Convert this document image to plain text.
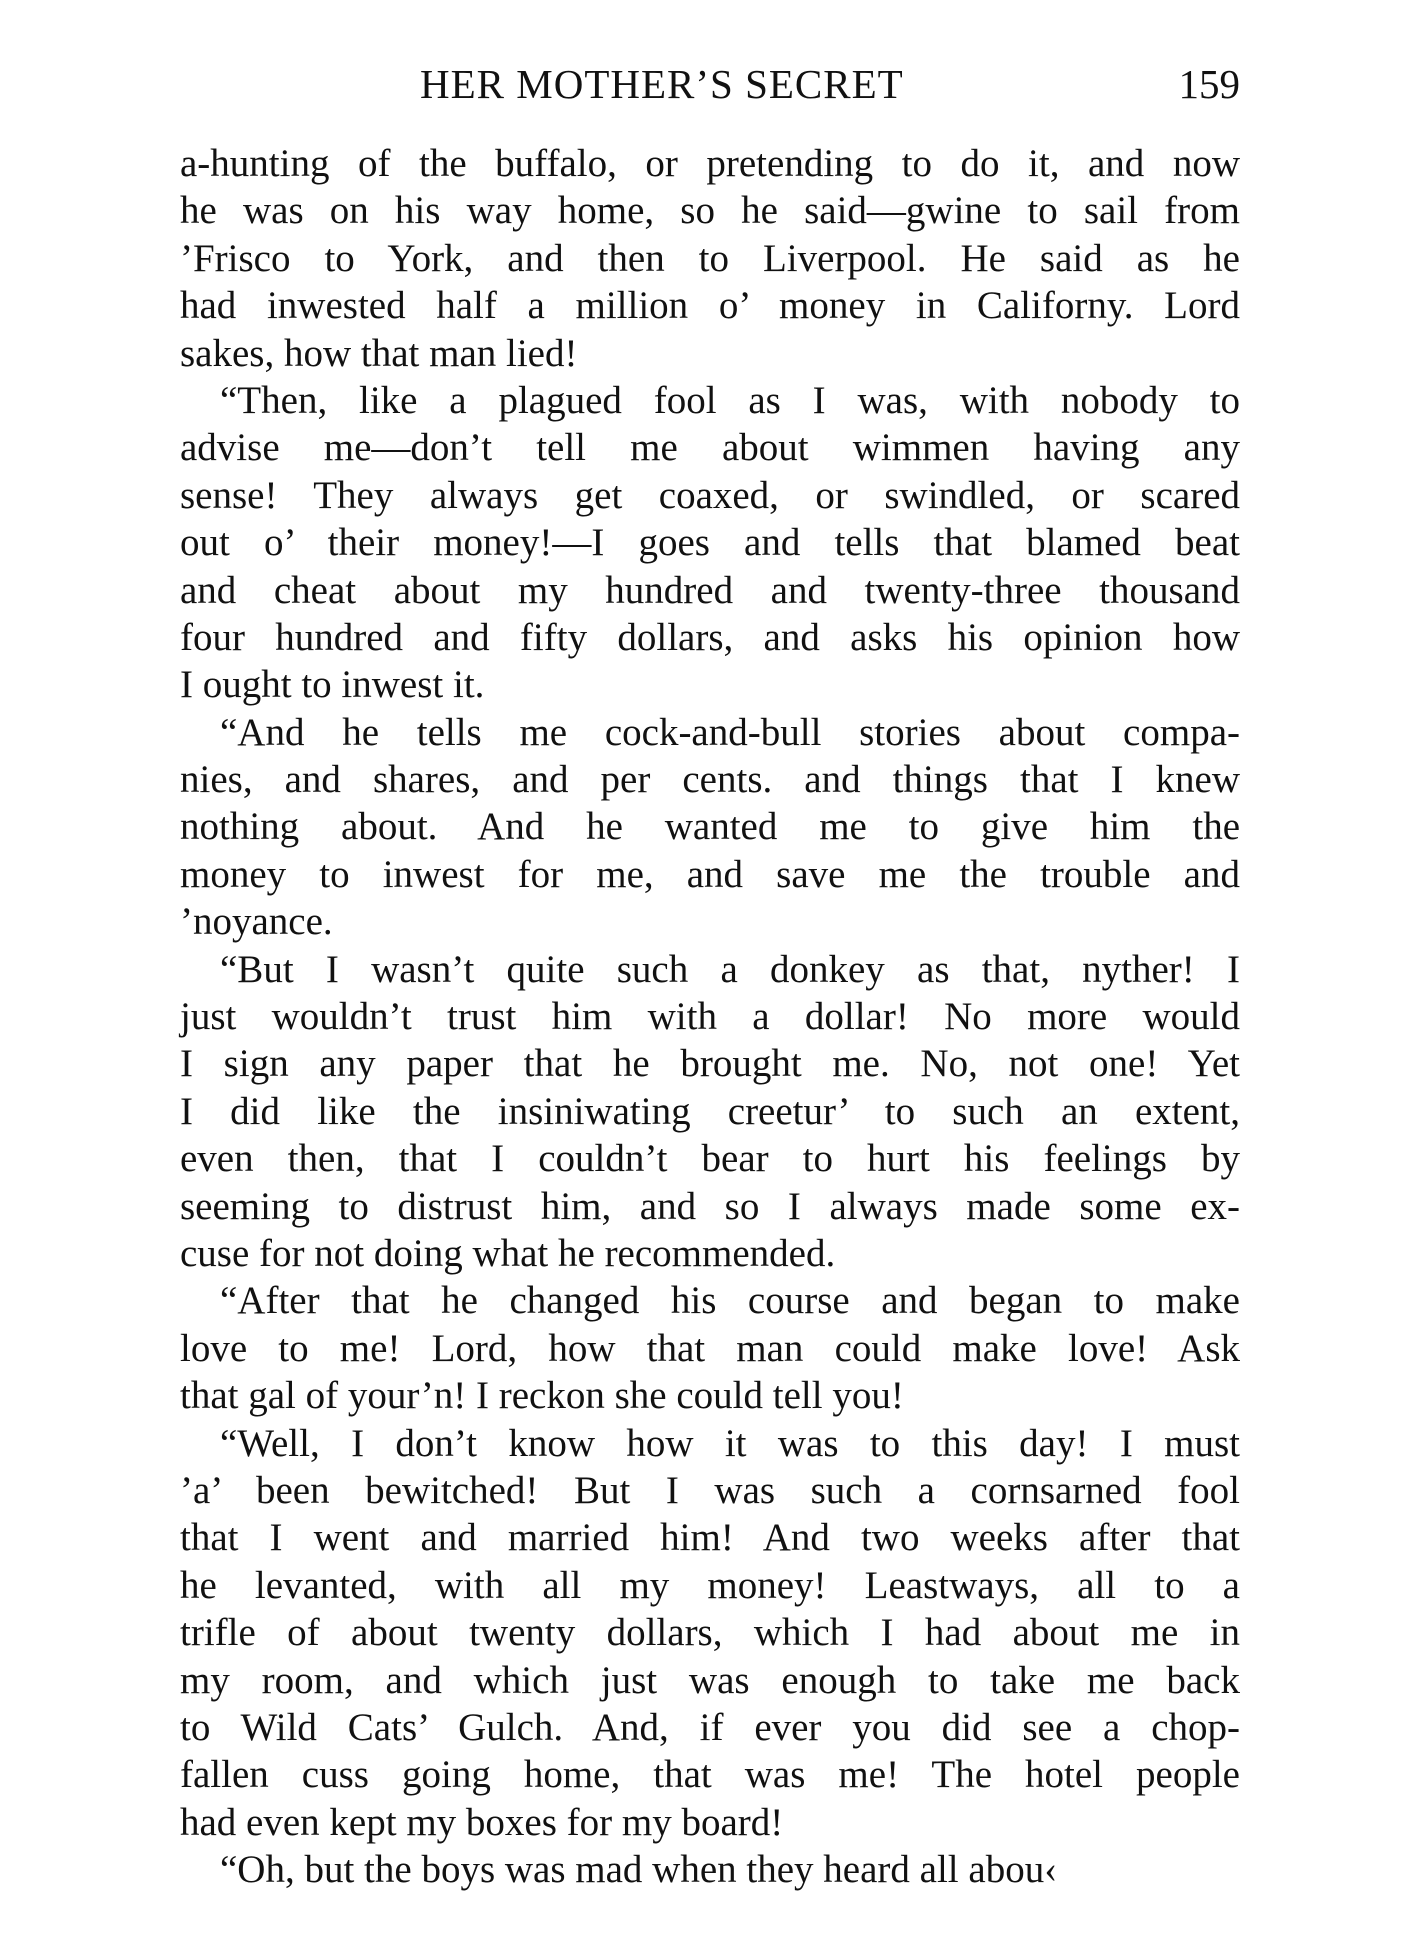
HER MOTHER’S SECRET	159
a-hunting of the buffalo, or pretending to do it, and now
he was on his way home, so he said—gwine to sail from
’Frisco to York, and then to Liverpool. He said as he
had inwested half a million o’ money in Californy. Lord
sakes, how that man lied!
“Then, like a plagued fool as I was, with nobody to
advise me—don’t tell me about wimmen having any
sense! They always get coaxed, or swindled, or scared
out o’ their money!—I goes and tells that blamed beat
and cheat about my hundred and twenty-three thousand
four hundred and fifty dollars, and asks his opinion how
I ought to inwest it.
“And he tells me cock-and-bull stories about compa-
nies, and shares, and per cents. and things that I knew
nothing about. And he wanted me to give him the
money to inwest for me, and save me the trouble and
’noyance.
“But I wasn’t quite such a donkey as that, nyther! I
just wouldn’t trust him with a dollar! No more would
I sign any paper that he brought me. No, not one! Yet
I did like the insiniwating creetur’ to such an extent,
even then, that I couldn’t bear to hurt his feelings by
seeming to distrust him, and so I always made some ex-
cuse for not doing what he recommended.
“After that he changed his course and began to make
love to me! Lord, how that man could make love! Ask
that gal of your’n! I reckon she could tell you!
“Well, I don’t know how it was to this day! I must
’a’ been bewitched! But I was such a cornsarned fool
that I went and married him! And two weeks after that
he levanted, with all my money! Leastways, all to a
trifle of about twenty dollars, which I had about me in
my room, and which just was enough to take me back
to Wild Cats’ Gulch. And, if ever you did see a chop-
fallen cuss going home, that was me! The hotel people
had even kept my boxes for my board!
“Oh, but the boys was mad when they heard all abou‹
